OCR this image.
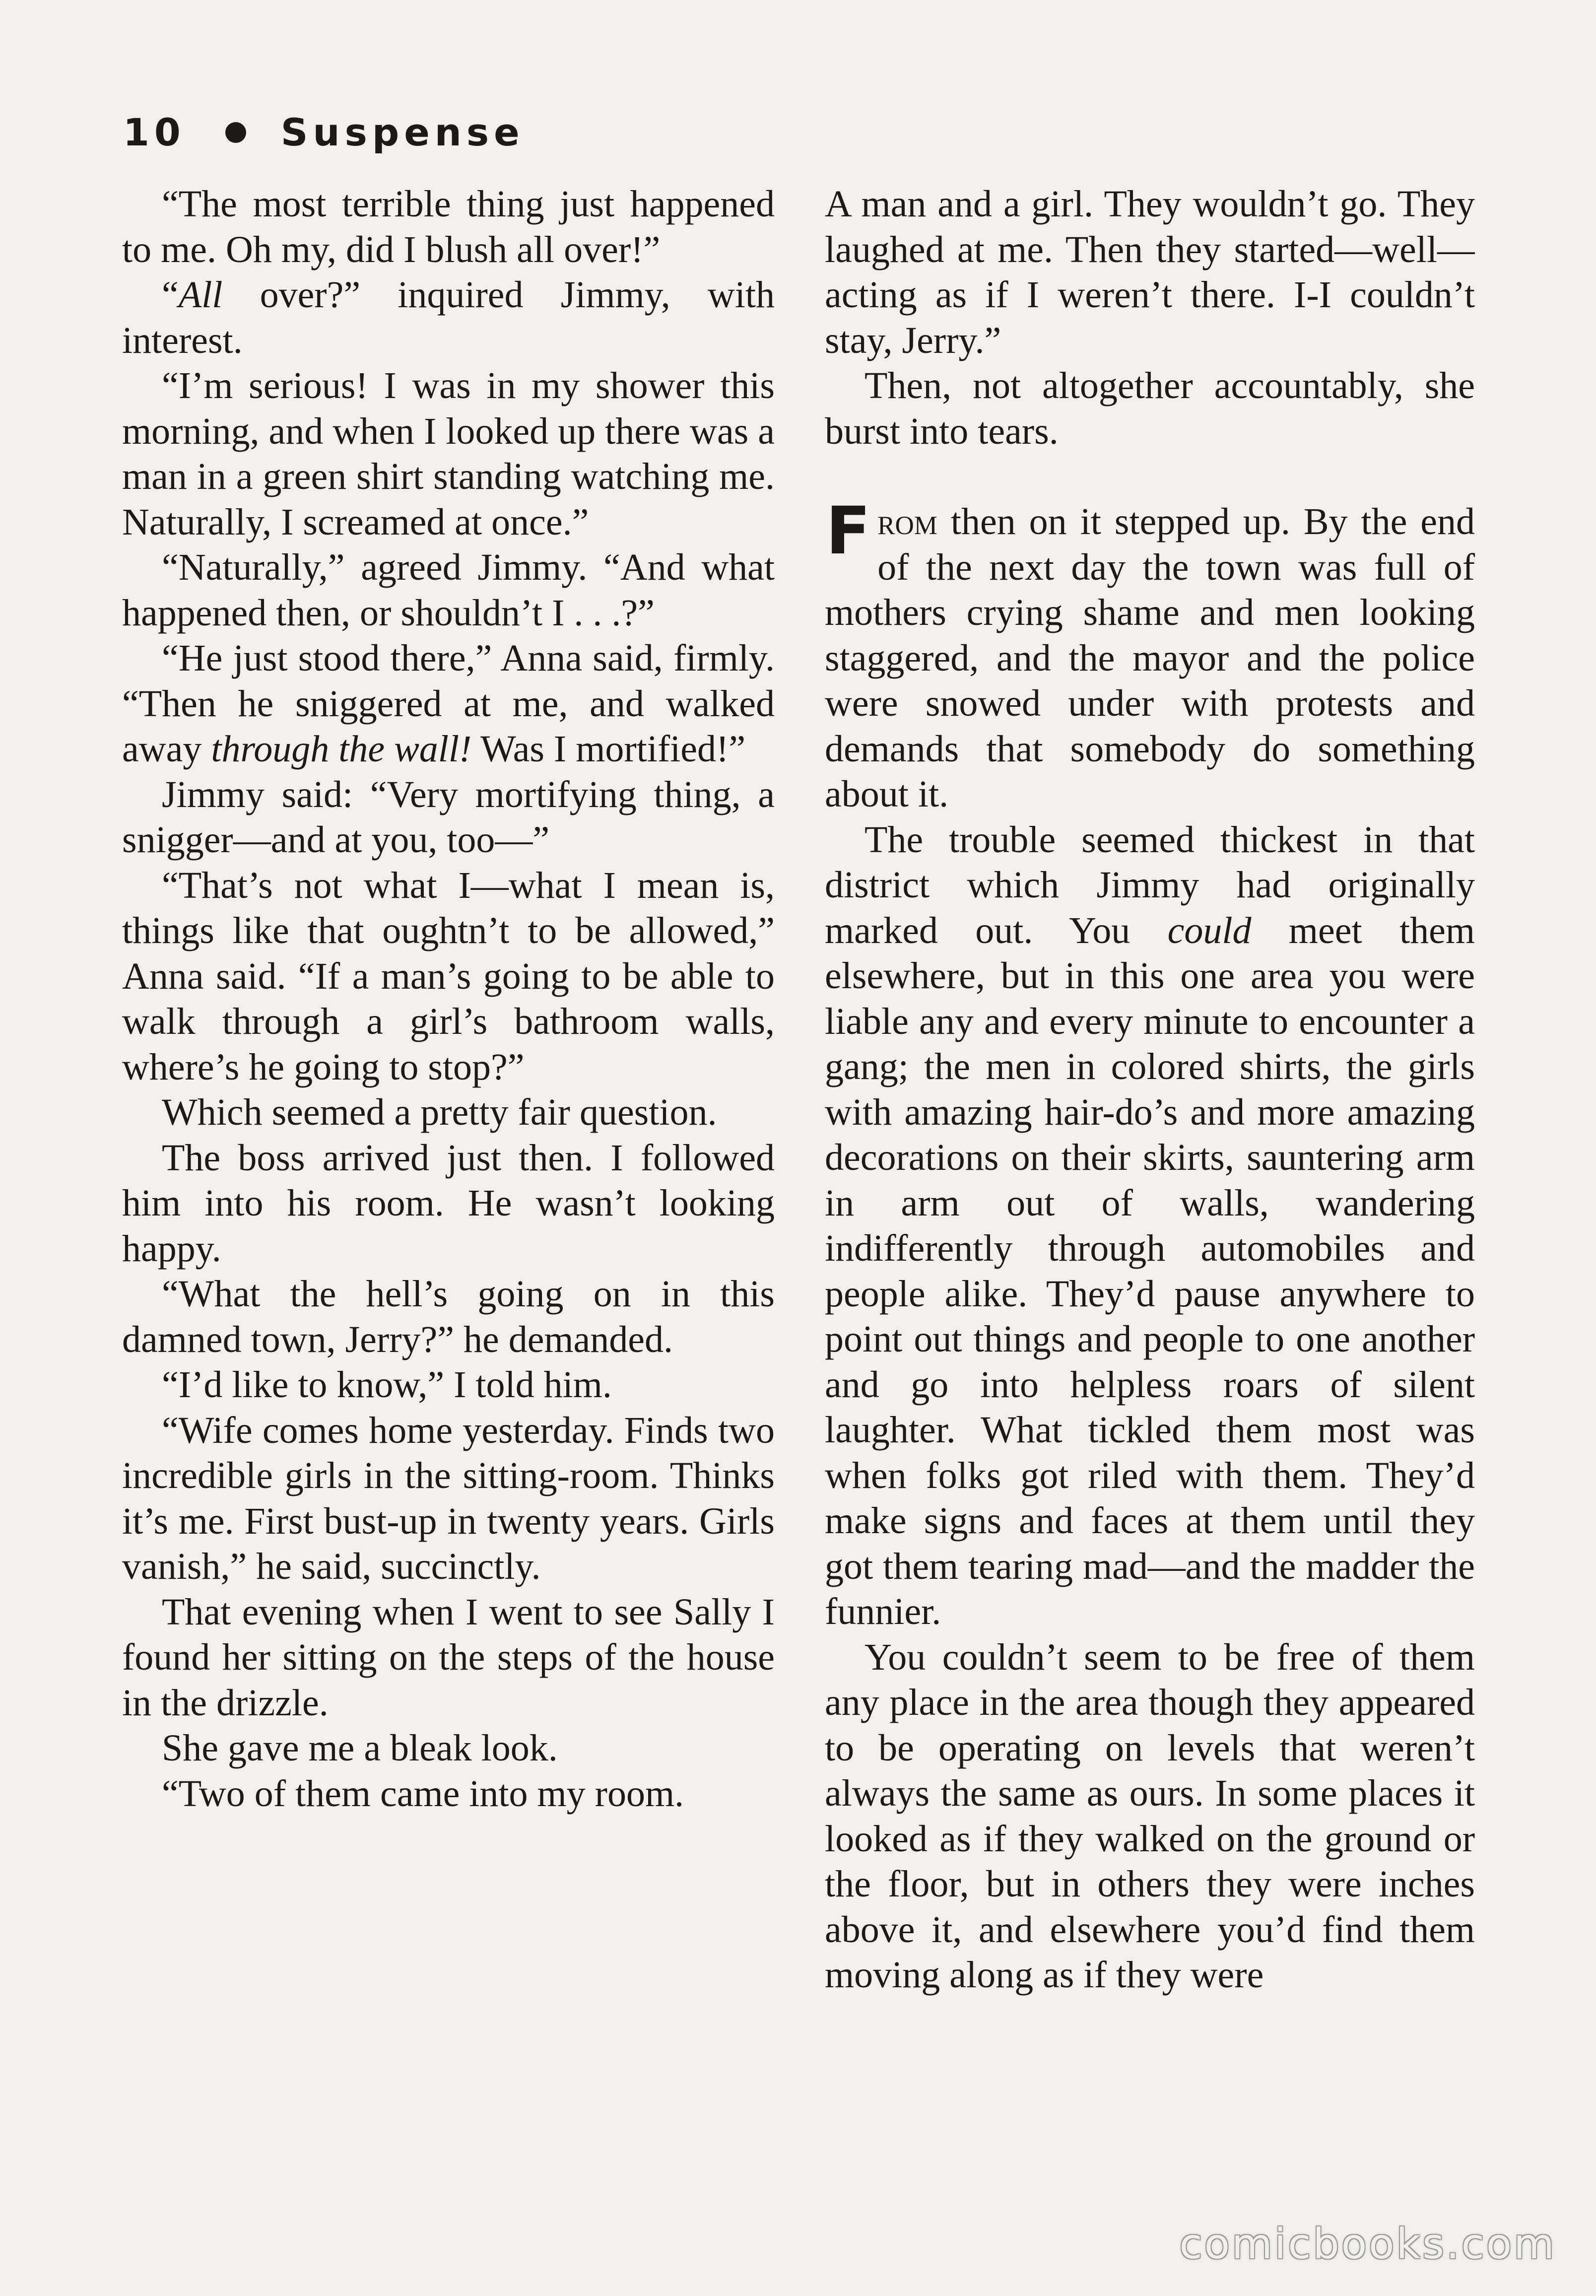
10	Suspense

“The most terrible thing just happened to me. Oh my, did I blush all over!”

“All over?” inquired Jimmy, with interest.

“I’m serious! I was in my shower this morning, and when I looked up there was a man in a green shirt standing watching me. Naturally, I screamed at once.”

“Naturally,” agreed Jimmy. “And what happened then, or shouldn’t I . . .?”

“He just stood there,” Anna said, firmly. “Then he sniggered at me, and walked away through the wall! Was I mortified!”

Jimmy said: “Very mortifying thing, a snigger—and at you, too—”

“That’s not what I—what I mean is, things like that oughtn’t to be allowed,” Anna said. “If a man’s going to be able to walk through a girl’s bathroom walls, where’s he going to stop?”

Which seemed a pretty fair question.

The boss arrived just then. I followed him into his room. He wasn’t looking happy.

“What the hell’s going on in this damned town, Jerry?” he demanded.

“I’d like to know,” I told him.

“Wife comes home yesterday. Finds two incredible girls in the sitting-room. Thinks it’s me. First bust-up in twenty years. Girls vanish,” he said, succinctly.

That evening when I went to see Sally I found her sitting on the steps of the house in the drizzle.

She gave me a bleak look.

“Two of them came into my room.

A man and a girl. They wouldn’t go. They laughed at me. Then they started—well—acting as if I weren’t there. I-I couldn’t stay, Jerry.”

Then, not altogether accountably, she burst into tears.

From then on it stepped up. By the end of the next day the town was full of mothers crying shame and men looking staggered, and the mayor and the police were snowed under with protests and demands that somebody do something about it.

The trouble seemed thickest in that district which Jimmy had originally marked out. You could meet them elsewhere, but in this one area you were liable any and every minute to encounter a gang; the men in colored shirts, the girls with amazing hair-do’s and more amazing decorations on their skirts, sauntering arm in arm out of walls, wandering indifferently through automobiles and people alike. They’d pause anywhere to point out things and people to one another and go into helpless roars of silent laughter. What tickled them most was when folks got riled with them. They’d make signs and faces at them until they got them tearing mad—and the madder the funnier.

You couldn’t seem to be free of them any place in the area though they appeared to be operating on levels that weren’t always the same as ours. In some places it looked as if they walked on the ground or the floor, but in others they were inches above it, and elsewhere you’d find them moving along as if they were

comicbooks.com
